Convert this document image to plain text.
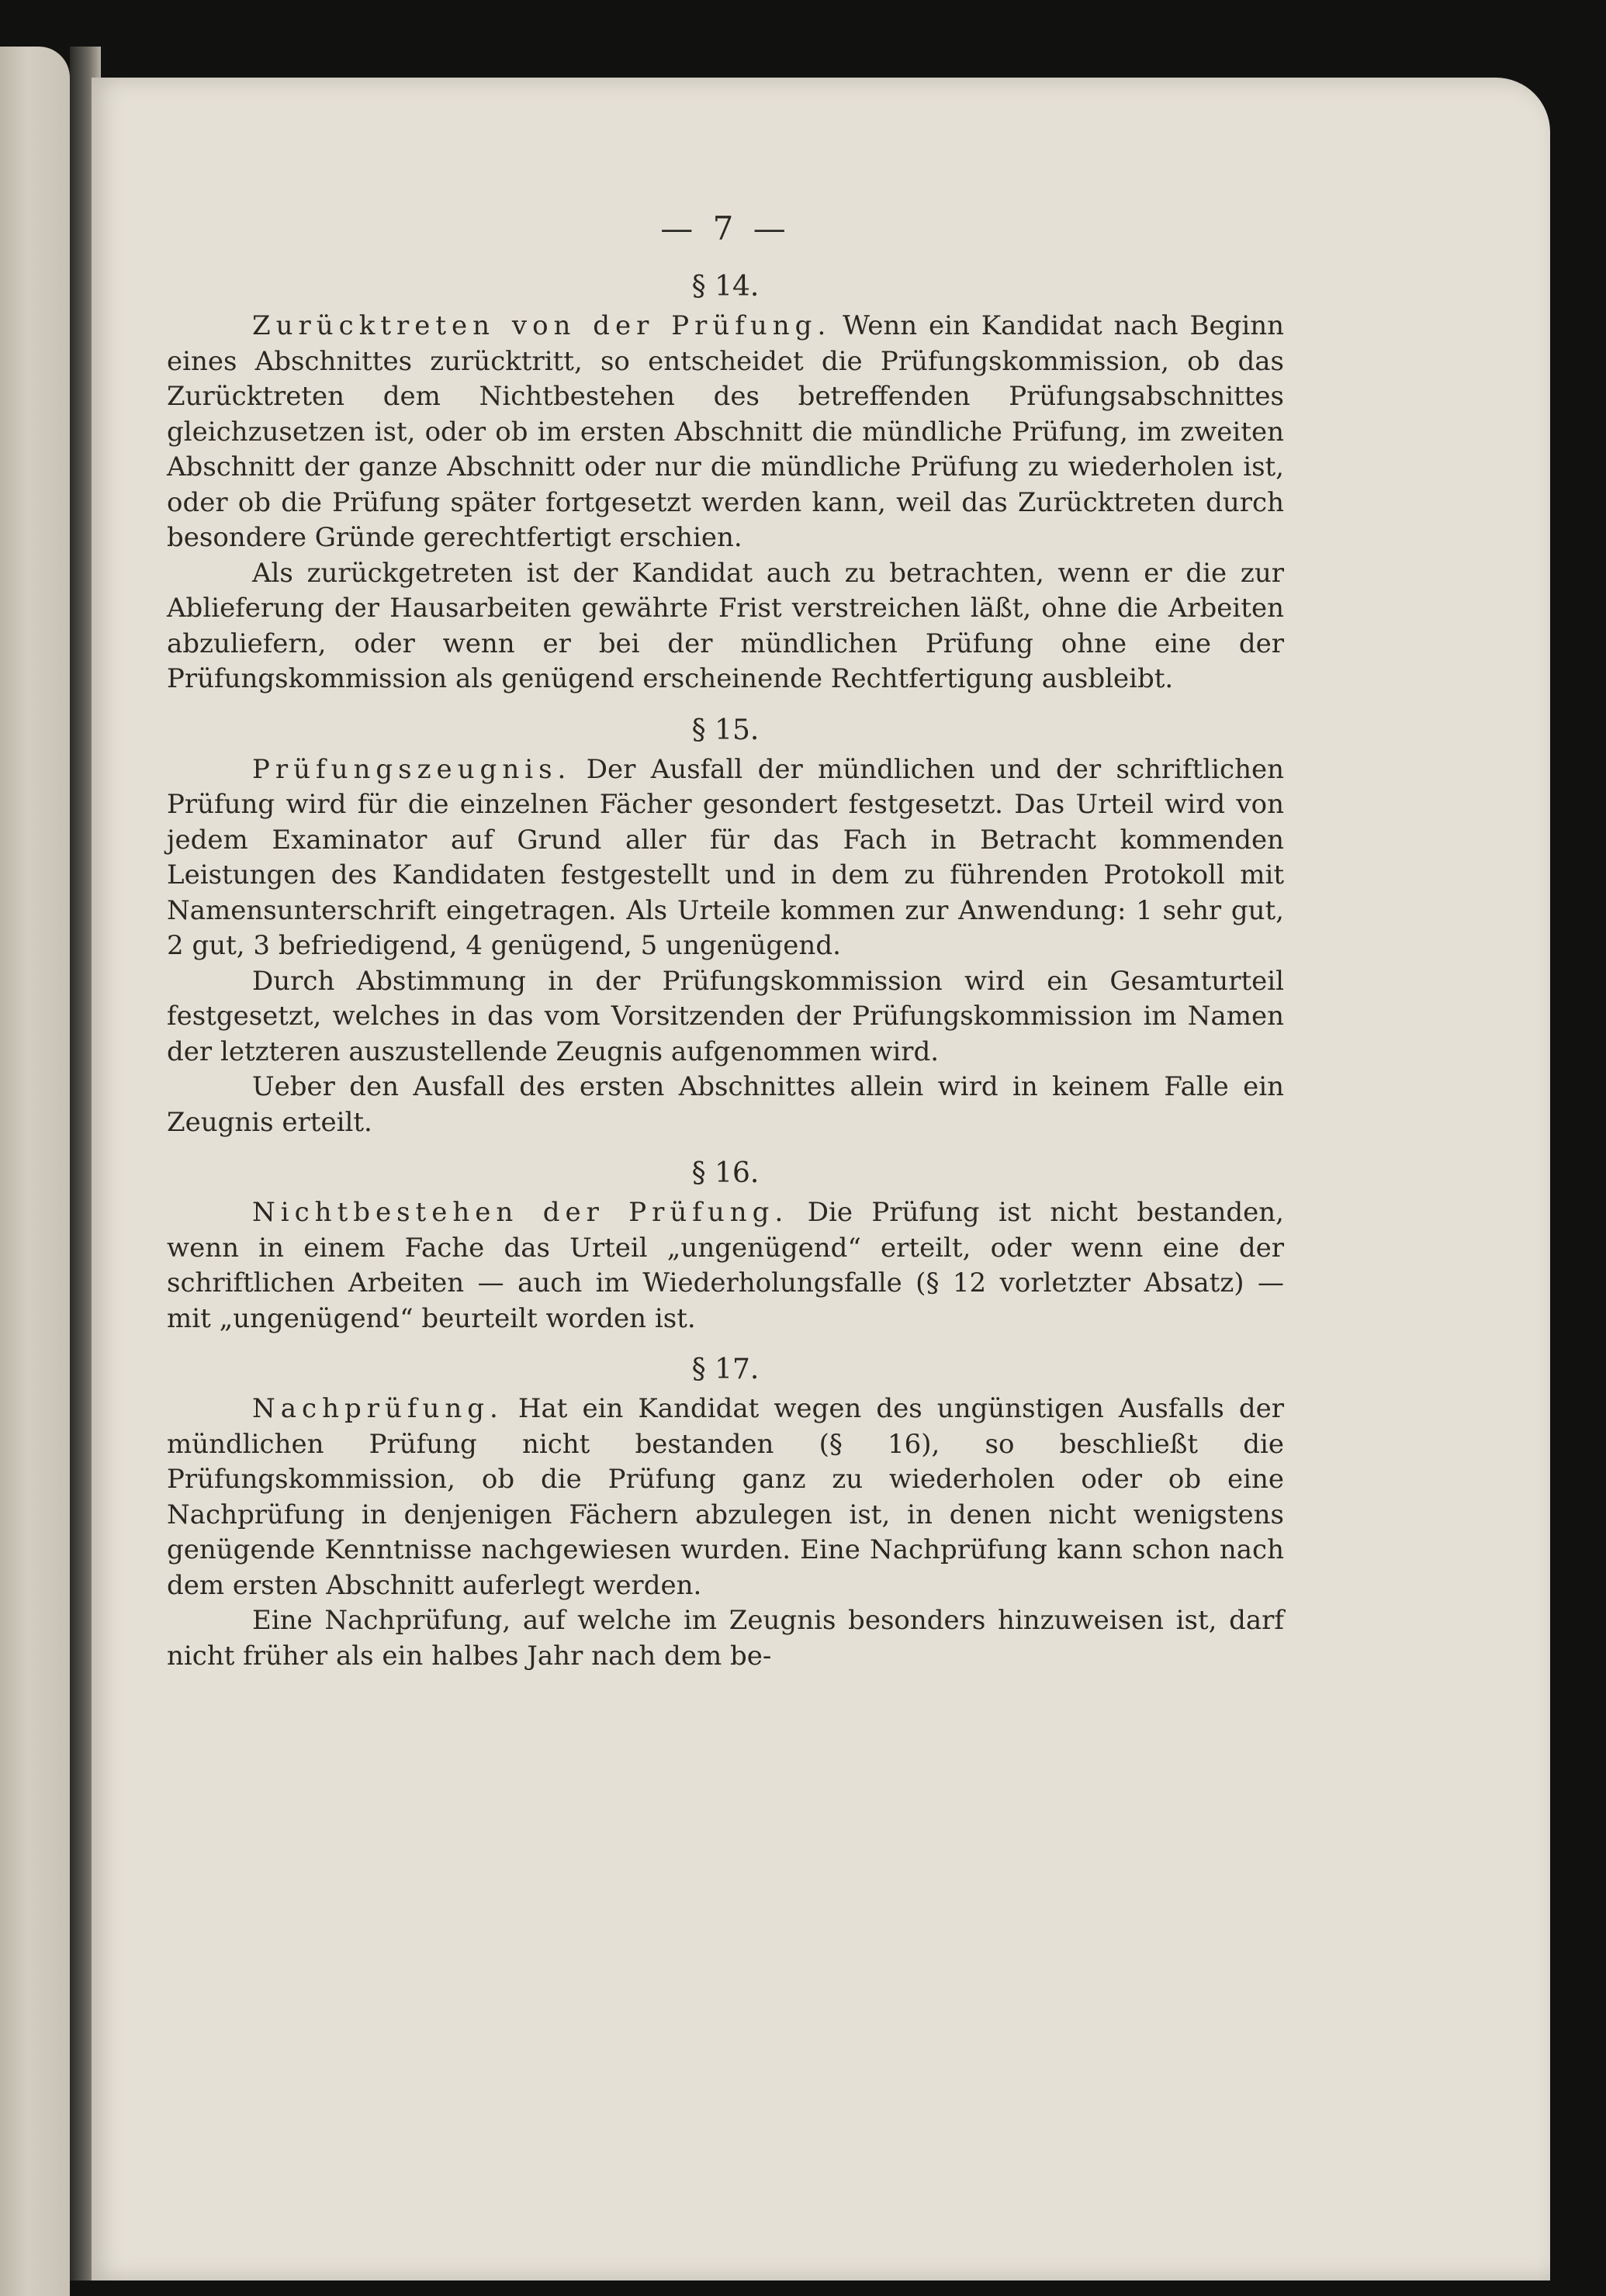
— 7 —
§ 14.

Zurücktreten von der Prüfung. Wenn ein Kandidat nach Beginn eines Abschnittes zurücktritt, so entscheidet die Prüfungskommission, ob das Zurücktreten dem Nichtbestehen des betreffenden Prüfungsabschnittes gleichzusetzen ist, oder ob im ersten Abschnitt die mündliche Prüfung, im zweiten Abschnitt der ganze Abschnitt oder nur die mündliche Prüfung zu wiederholen ist, oder ob die Prüfung später fortgesetzt werden kann, weil das Zurücktreten durch besondere Gründe gerechtfertigt erschien.

Als zurückgetreten ist der Kandidat auch zu betrachten, wenn er die zur Ablieferung der Hausarbeiten gewährte Frist verstreichen läßt, ohne die Arbeiten abzuliefern, oder wenn er bei der mündlichen Prüfung ohne eine der Prüfungskommission als genügend erscheinende Rechtfertigung ausbleibt.

§ 15.

Prüfungszeugnis. Der Ausfall der mündlichen und der schriftlichen Prüfung wird für die einzelnen Fächer gesondert festgesetzt. Das Urteil wird von jedem Examinator auf Grund aller für das Fach in Betracht kommenden Leistungen des Kandidaten festgestellt und in dem zu führenden Protokoll mit Namensunterschrift eingetragen. Als Urteile kommen zur Anwendung: 1 sehr gut, 2 gut, 3 befriedigend, 4 genügend, 5 ungenügend.

Durch Abstimmung in der Prüfungskommission wird ein Gesamturteil festgesetzt, welches in das vom Vorsitzenden der Prüfungskommission im Namen der letzteren auszustellende Zeugnis aufgenommen wird.

Ueber den Ausfall des ersten Abschnittes allein wird in keinem Falle ein Zeugnis erteilt.

§ 16.

Nichtbestehen der Prüfung. Die Prüfung ist nicht bestanden, wenn in einem Fache das Urteil „ungenügend“ erteilt, oder wenn eine der schriftlichen Arbeiten — auch im Wiederholungsfalle (§ 12 vorletzter Absatz) — mit „ungenügend“ beurteilt worden ist.

§ 17.

Nachprüfung. Hat ein Kandidat wegen des ungünstigen Ausfalls der mündlichen Prüfung nicht bestanden (§ 16), so beschließt die Prüfungskommission, ob die Prüfung ganz zu wiederholen oder ob eine Nachprüfung in denjenigen Fächern abzulegen ist, in denen nicht wenigstens genügende Kenntnisse nachgewiesen wurden. Eine Nachprüfung kann schon nach dem ersten Abschnitt auferlegt werden.

Eine Nachprüfung, auf welche im Zeugnis besonders hinzuweisen ist, darf nicht früher als ein halbes Jahr nach dem be-
